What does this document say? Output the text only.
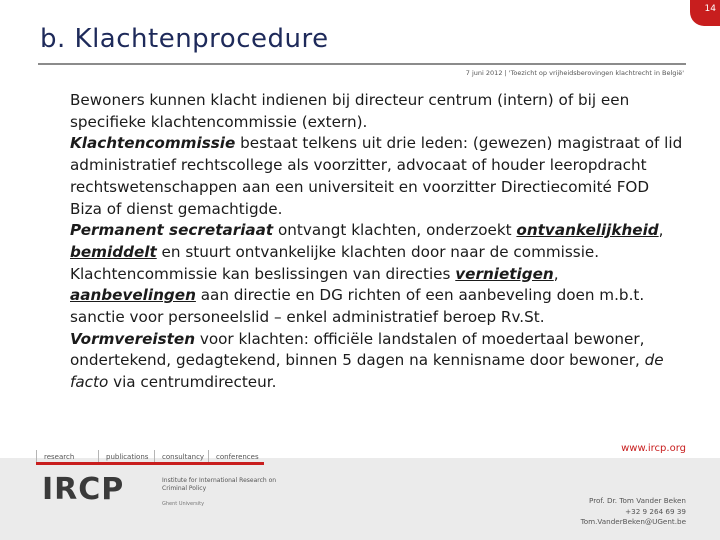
14
b. Klachtenprocedure
7 juni 2012 | 'Toezicht op vrijheidsberovingen klachtrecht in België'

Bewoners kunnen klacht indienen bij directeur centrum (intern) of bij een specifieke klachtencommissie (extern).

Klachtencommissie bestaat telkens uit drie leden: (gewezen) magistraat of lid administratief rechtscollege als voorzitter, advocaat of houder leeropdracht rechtswetenschappen aan een universiteit en voorzitter Directiecomité FOD Biza of dienst gemachtigde.

Permanent secretariaat ontvangt klachten, onderzoekt ontvankelijkheid, bemiddelt en stuurt ontvankelijke klachten door naar de commissie.

Klachtencommissie kan beslissingen van directies vernietigen, aanbevelingen aan directie en DG richten of een aanbeveling doen m.b.t. sanctie voor personeelslid – enkel administratief beroep Rv.St.

Vormvereisten voor klachten: officiële landstalen of moedertaal bewoner, ondertekend, gedagtekend, binnen 5 dagen na kennisname door bewoner, de facto via centrumdirecteur.

research	publications	consultancy	conferences
www.ircp.org
IRCP	Institute for International Research on Criminal Policy
Ghent University	Prof. Dr. Tom Vander Beken
+32 9 264 69 39
Tom.VanderBeken@UGent.be
